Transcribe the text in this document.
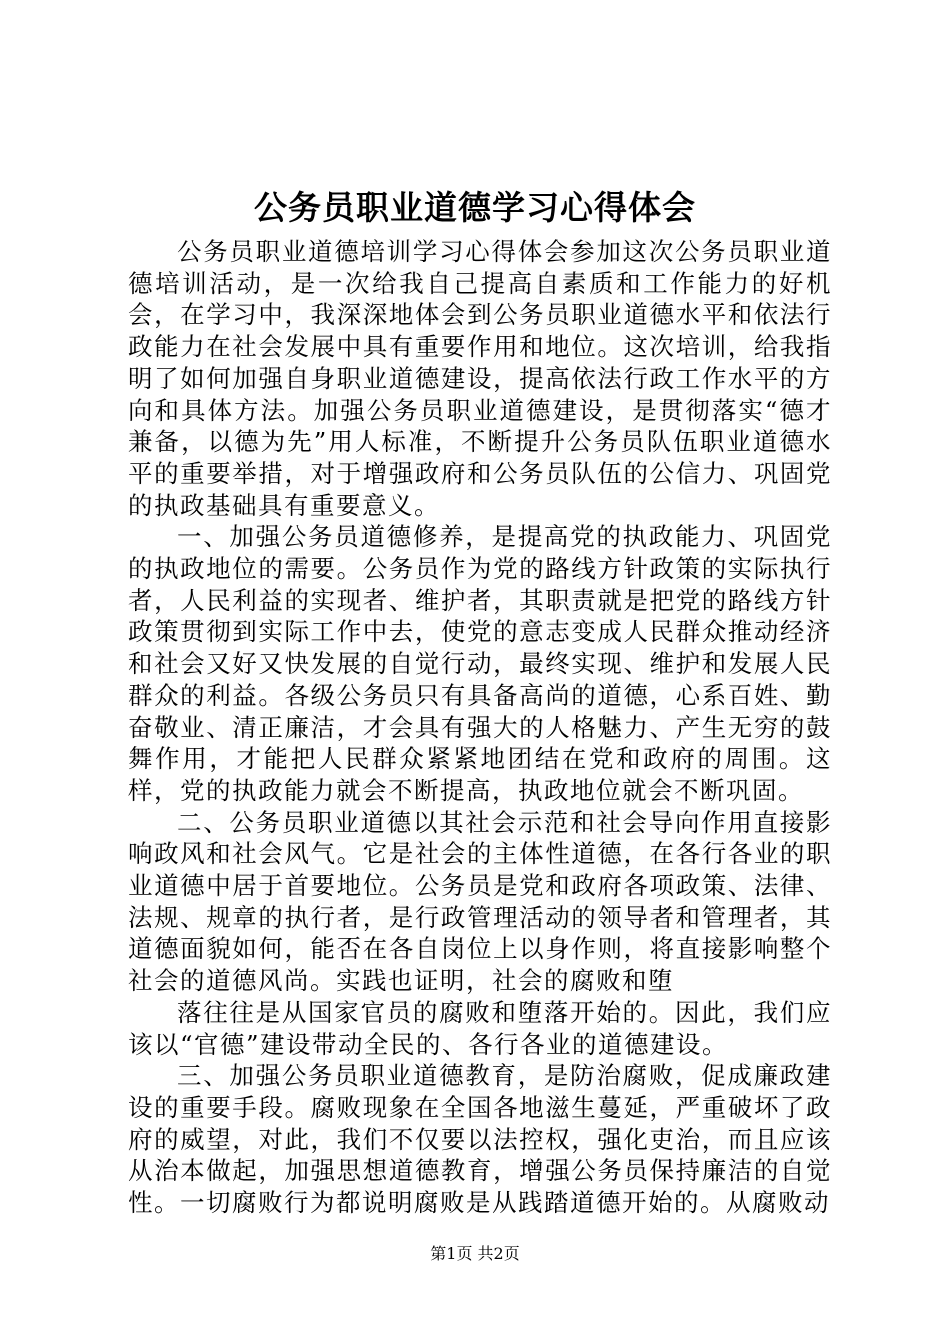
公务员职业道德学习心得体会

公务员职业道德培训学习心得体会参加这次公务员职业道德培训活动，是一次给我自己提高自素质和工作能力的好机会，在学习中，我深深地体会到公务员职业道德水平和依法行政能力在社会发展中具有重要作用和地位。这次培训，给我指明了如何加强自身职业道德建设，提高依法行政工作水平的方向和具体方法。加强公务员职业道德建设，是贯彻落实“德才兼备，以德为先”用人标准，不断提升公务员队伍职业道德水平的重要举措，对于增强政府和公务员队伍的公信力、巩固党的执政基础具有重要意义。

一、加强公务员道德修养，是提高党的执政能力、巩固党的执政地位的需要。公务员作为党的路线方针政策的实际执行者，人民利益的实现者、维护者，其职责就是把党的路线方针政策贯彻到实际工作中去，使党的意志变成人民群众推动经济和社会又好又快发展的自觉行动，最终实现、维护和发展人民群众的利益。各级公务员只有具备高尚的道德，心系百姓、勤奋敬业、清正廉洁，才会具有强大的人格魅力、产生无穷的鼓舞作用，才能把人民群众紧紧地团结在党和政府的周围。这样，党的执政能力就会不断提高，执政地位就会不断巩固。

二、公务员职业道德以其社会示范和社会导向作用直接影响政风和社会风气。它是社会的主体性道德，在各行各业的职业道德中居于首要地位。公务员是党和政府各项政策、法律、法规、规章的执行者，是行政管理活动的领导者和管理者，其道德面貌如何，能否在各自岗位上以身作则，将直接影响整个社会的道德风尚。实践也证明，社会的腐败和堕

落往往是从国家官员的腐败和堕落开始的。因此，我们应该以“官德”建设带动全民的、各行各业的道德建设。

三、加强公务员职业道德教育，是防治腐败，促成廉政建设的重要手段。腐败现象在全国各地滋生蔓延，严重破坏了政府的威望，对此，我们不仅要以法控权，强化吏治，而且应该从治本做起，加强思想道德教育，增强公务员保持廉洁的自觉性。一切腐败行为都说明腐败是从践踏道德开始的。从腐败动

第1页 共2页
